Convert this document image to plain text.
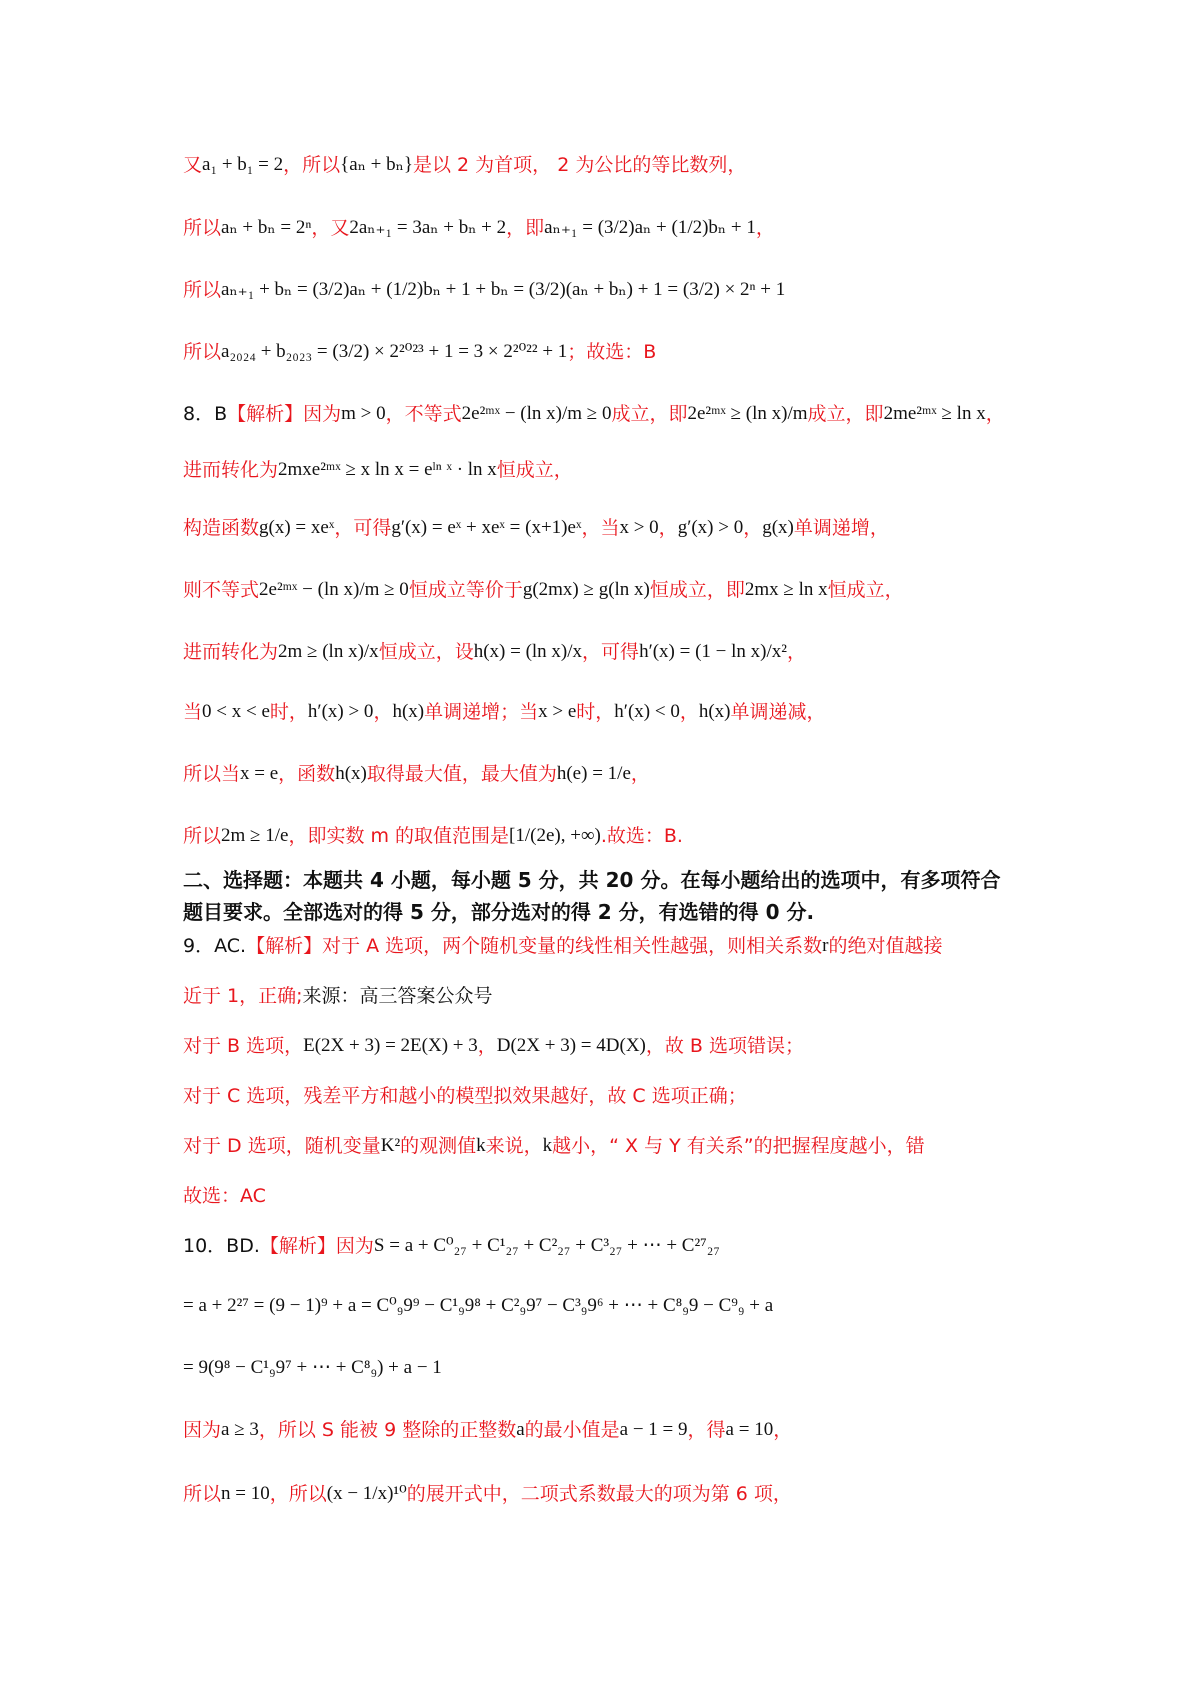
又 a₁ + b₁ = 2 ，所以 {aₙ + bₙ} 是以 2 为首项， 2 为公比的等比数列，
所以 aₙ + bₙ = 2ⁿ ，又 2aₙ₊₁ = 3aₙ + bₙ + 2 ，即 aₙ₊₁ = (3/2)aₙ + (1/2)bₙ + 1 ，
所以 aₙ₊₁ + bₙ = (3/2)aₙ + (1/2)bₙ + 1 + bₙ = (3/2)(aₙ + bₙ) + 1 = (3/2) × 2ⁿ + 1
所以 a₂₀₂₄ + b₂₀₂₃ = (3/2) × 2²⁰²³ + 1 = 3 × 2²⁰²² + 1 ；故选：B
8．B 【解析】因为 m > 0 ，不等式 2e²ᵐˣ − (ln x)/m ≥ 0 成立，即 2e²ᵐˣ ≥ (ln x)/m 成立，即 2me²ᵐˣ ≥ ln x ，
进而转化为 2mxe²ᵐˣ ≥ x ln x = eˡⁿ ˣ · ln x 恒成立，
构造函数 g(x) = xeˣ ，可得 g′(x) = eˣ + xeˣ = (x+1)eˣ ，当 x > 0 ， g′(x) > 0 ， g(x) 单调递增，
则不等式 2e²ᵐˣ − (ln x)/m ≥ 0 恒成立等价于 g(2mx) ≥ g(ln x) 恒成立，即 2mx ≥ ln x 恒成立，
进而转化为 2m ≥ (ln x)/x 恒成立，设 h(x) = (ln x)/x ，可得 h′(x) = (1 − ln x)/x² ，
当 0 < x < e 时， h′(x) > 0 ， h(x) 单调递增；当 x > e 时， h′(x) < 0 ， h(x) 单调递减，
所以当 x = e ，函数 h(x) 取得最大值，最大值为 h(e) = 1/e ，
所以 2m ≥ 1/e ，即实数 m 的取值范围是 [1/(2e), +∞) .故选：B.
二、选择题：本题共 4 小题，每小题 5 分，共 20 分。在每小题给出的选项中，有多项符合
题目要求。全部选对的得 5 分，部分选对的得 2 分，有选错的得 0 分.
9．AC. 【解析】对于 A 选项，两个随机变量的线性相关性越强，则相关系数 r 的绝对值越接
近于 1，正确; 来源：高三答案公众号
对于 B 选项， E(2X + 3) = 2E(X) + 3 ， D(2X + 3) = 4D(X) ，故 B 选项错误；
对于 C 选项，残差平方和越小的模型拟效果越好，故 C 选项正确；
对于 D 选项，随机变量 K² 的观测值 k 来说， k 越小，“ X 与 Y 有关系”的把握程度越小，错
故选：AC
10．BD. 【解析】因为 S = a + C⁰₂₇ + C¹₂₇ + C²₂₇ + C³₂₇ + ⋯ + C²⁷₂₇
= a + 2²⁷ = (9 − 1)⁹ + a = C⁰₉9⁹ − C¹₉9⁸ + C²₉9⁷ − C³₉9⁶ + ⋯ + C⁸₉9 − C⁹₉ + a
= 9(9⁸ − C¹₉9⁷ + ⋯ + C⁸₉) + a − 1
因为 a ≥ 3 ，所以 S 能被 9 整除的正整数 a 的最小值是 a − 1 = 9 ，得 a = 10 ，
所以 n = 10 ，所以 (x − 1/x)¹⁰ 的展开式中，二项式系数最大的项为第 6 项，
